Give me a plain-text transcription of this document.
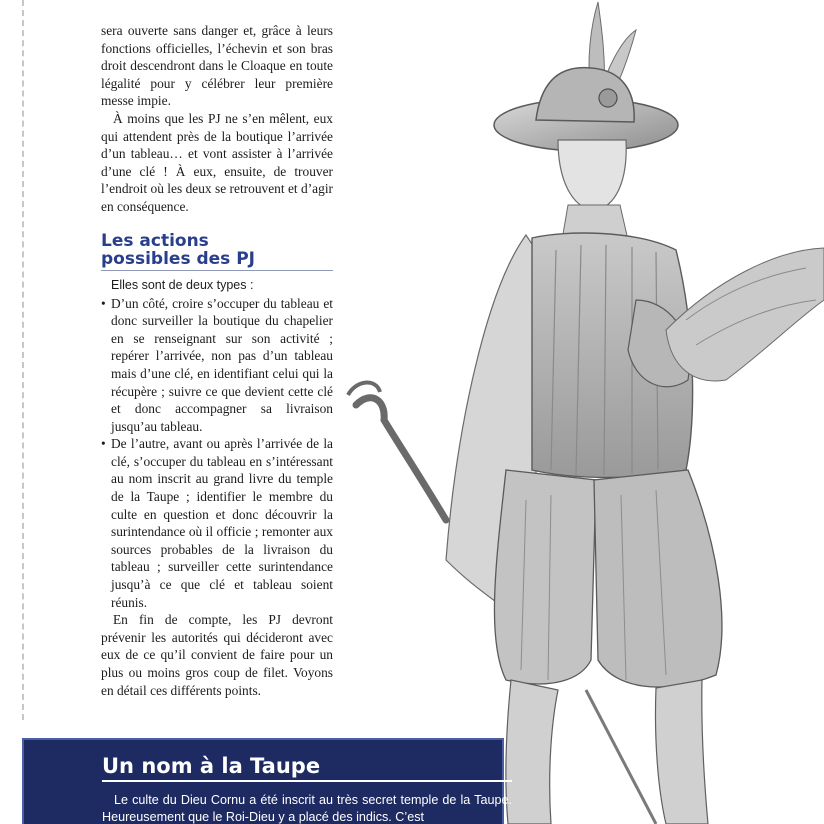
sera ouverte sans danger et, grâce à leurs fonctions officielles, l’échevin et son bras droit descendront dans le Cloaque en toute légalité pour y célébrer leur première messe impie.

À moins que les PJ ne s’en mêlent, eux qui attendent près de la boutique l’arrivée d’un tableau… et vont assister à l’arrivée d’une clé ! À eux, ensuite, de trouver l’endroit où les deux se retrouvent et d’agir en conséquence.

Les actions
possibles des PJ

Elles sont de deux types :

• D’un côté, croire s’occuper du tableau et donc surveiller la boutique du chapelier en se renseignant sur son activité ; repérer l’arrivée, non pas d’un tableau mais d’une clé, en identifiant celui qui la récupère ; suivre ce que devient cette clé et donc accompagner sa livraison jusqu’au tableau.
• De l’autre, avant ou après l’arrivée de la clé, s’occuper du tableau en s’intéressant au nom inscrit au grand livre du temple de la Taupe ; identifier le membre du culte en question et donc découvrir la surintendance où il officie ; remonter aux sources probables de la livraison du tableau ; surveiller cette surintendance jusqu’à ce que clé et tableau soient réunis.

En fin de compte, les PJ devront prévenir les autorités qui décideront avec eux de ce qu’il convient de faire pour un plus ou moins gros coup de filet. Voyons en détail ces différents points.

Un nom à la Taupe

Le culte du Dieu Cornu a été inscrit au très secret temple de la Taupe. Heureusement que le Roi-Dieu y a placé des indics. C’est
